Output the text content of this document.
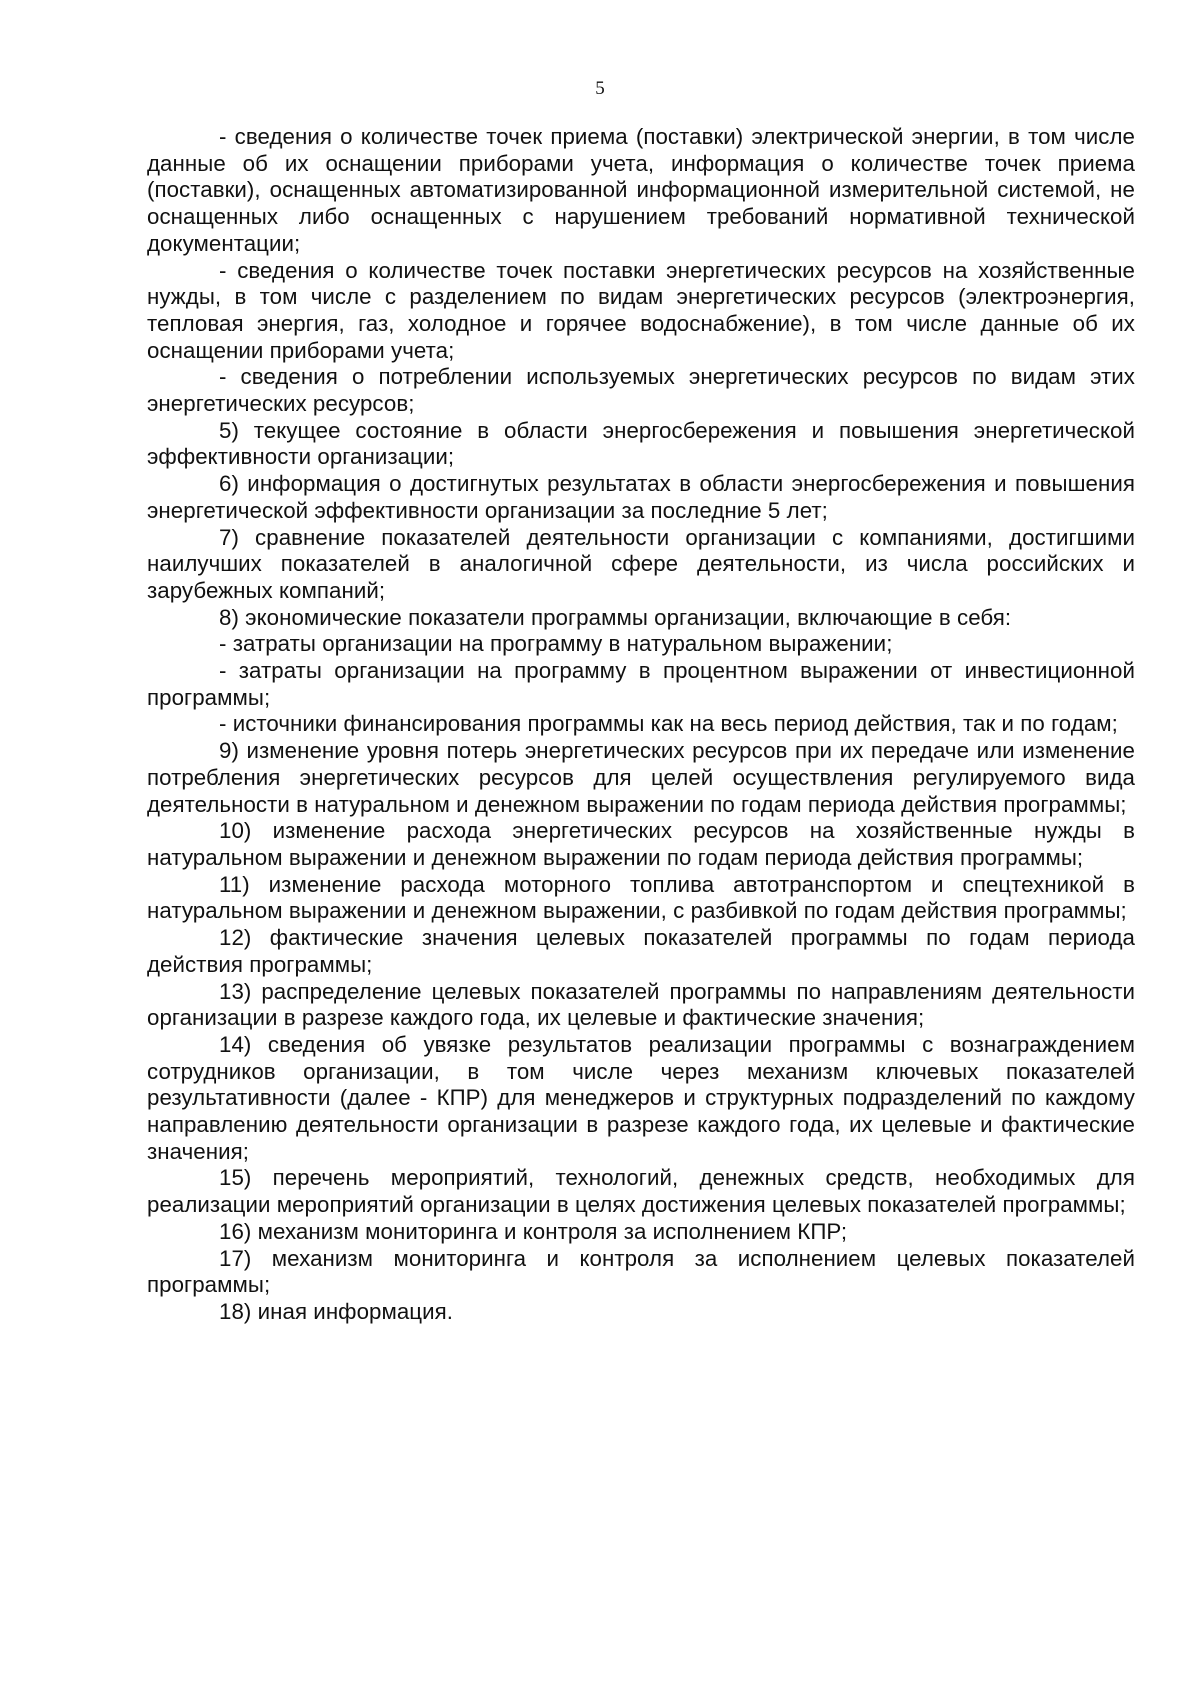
5

- сведения о количестве точек приема (поставки) электрической энергии, в том числе данные об их оснащении приборами учета, информация о количестве точек приема (поставки), оснащенных автоматизированной информационной измерительной системой, не оснащенных либо оснащенных с нарушением требований нормативной технической документации;

- сведения о количестве точек поставки энергетических ресурсов на хозяйственные нужды, в том числе с разделением по видам энергетических ресурсов (электроэнергия, тепловая энергия, газ, холодное и горячее водоснабжение), в том числе данные об их оснащении приборами учета;

- сведения о потреблении используемых энергетических ресурсов по видам этих энергетических ресурсов;

5) текущее состояние в области энергосбережения и повышения энергетической эффективности организации;

6) информация о достигнутых результатах в области энергосбережения и повышения энергетической эффективности организации за последние 5 лет;

7) сравнение показателей деятельности организации с компаниями, достигшими наилучших показателей в аналогичной сфере деятельности, из числа российских и зарубежных компаний;

8) экономические показатели программы организации, включающие в себя:

- затраты организации на программу в натуральном выражении;

- затраты организации на программу в процентном выражении от инвестиционной программы;

- источники финансирования программы как на весь период действия, так и по годам;

9) изменение уровня потерь энергетических ресурсов при их передаче или изменение потребления энергетических ресурсов для целей осуществления регулируемого вида деятельности в натуральном и денежном выражении по годам периода действия программы;

10) изменение расхода энергетических ресурсов на хозяйственные нужды в натуральном выражении и денежном выражении по годам периода действия программы;

11) изменение расхода моторного топлива автотранспортом и спецтехникой в натуральном выражении и денежном выражении, с разбивкой по годам действия программы;

12) фактические значения целевых показателей программы по годам периода действия программы;

13) распределение целевых показателей программы по направлениям деятельности организации в разрезе каждого года, их целевые и фактические значения;

14) сведения об увязке результатов реализации программы с вознаграждением сотрудников организации, в том числе через механизм ключевых показателей результативности (далее - КПР) для менеджеров и структурных подразделений по каждому направлению деятельности организации в разрезе каждого года, их целевые и фактические значения;

15) перечень мероприятий, технологий, денежных средств, необходимых для реализации мероприятий организации в целях достижения целевых показателей программы;

16) механизм мониторинга и контроля за исполнением КПР;

17) механизм мониторинга и контроля за исполнением целевых показателей программы;

18) иная информация.
